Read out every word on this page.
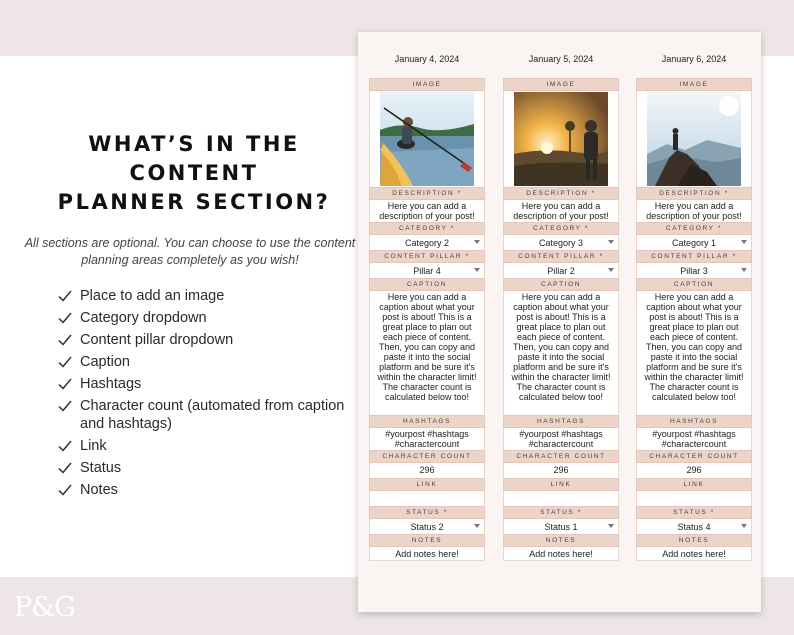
P&G
WHAT’S IN THE
CONTENT
PLANNER SECTION?

All sections are optional. You can choose to use the content planning areas completely as you wish!

Place to add an image
Category dropdown
Content pillar dropdown
Caption
Hashtags
Character count (automated from caption and hashtags)
Link
Status
Notes
January 4, 2024
IMAGE
DESCRIPTION *
Here you can add a description of your post!
CATEGORY *
Category 2
CONTENT PILLAR *
Pillar 4
CAPTION
Here you can add a caption about what your post is about! This is a great place to plan out each piece of content. Then, you can copy and paste it into the social platform and be sure it's within the character limit! The character count is calculated below too!
HASHTAGS
#yourpost #hashtags #charactercount
CHARACTER COUNT
296
LINK
STATUS *
Status 2
NOTES
Add notes here!
January 5, 2024
IMAGE
DESCRIPTION *
Here you can add a description of your post!
CATEGORY *
Category 3
CONTENT PILLAR *
Pillar 2
CAPTION
Here you can add a caption about what your post is about! This is a great place to plan out each piece of content. Then, you can copy and paste it into the social platform and be sure it's within the character limit! The character count is calculated below too!
HASHTAGS
#yourpost #hashtags #charactercount
CHARACTER COUNT
296
LINK
STATUS *
Status 1
NOTES
Add notes here!
January 6, 2024
IMAGE
DESCRIPTION *
Here you can add a description of your post!
CATEGORY *
Category 1
CONTENT PILLAR *
Pillar 3
CAPTION
Here you can add a caption about what your post is about! This is a great place to plan out each piece of content. Then, you can copy and paste it into the social platform and be sure it's within the character limit! The character count is calculated below too!
HASHTAGS
#yourpost #hashtags #charactercount
CHARACTER COUNT
296
LINK
STATUS *
Status 4
NOTES
Add notes here!
